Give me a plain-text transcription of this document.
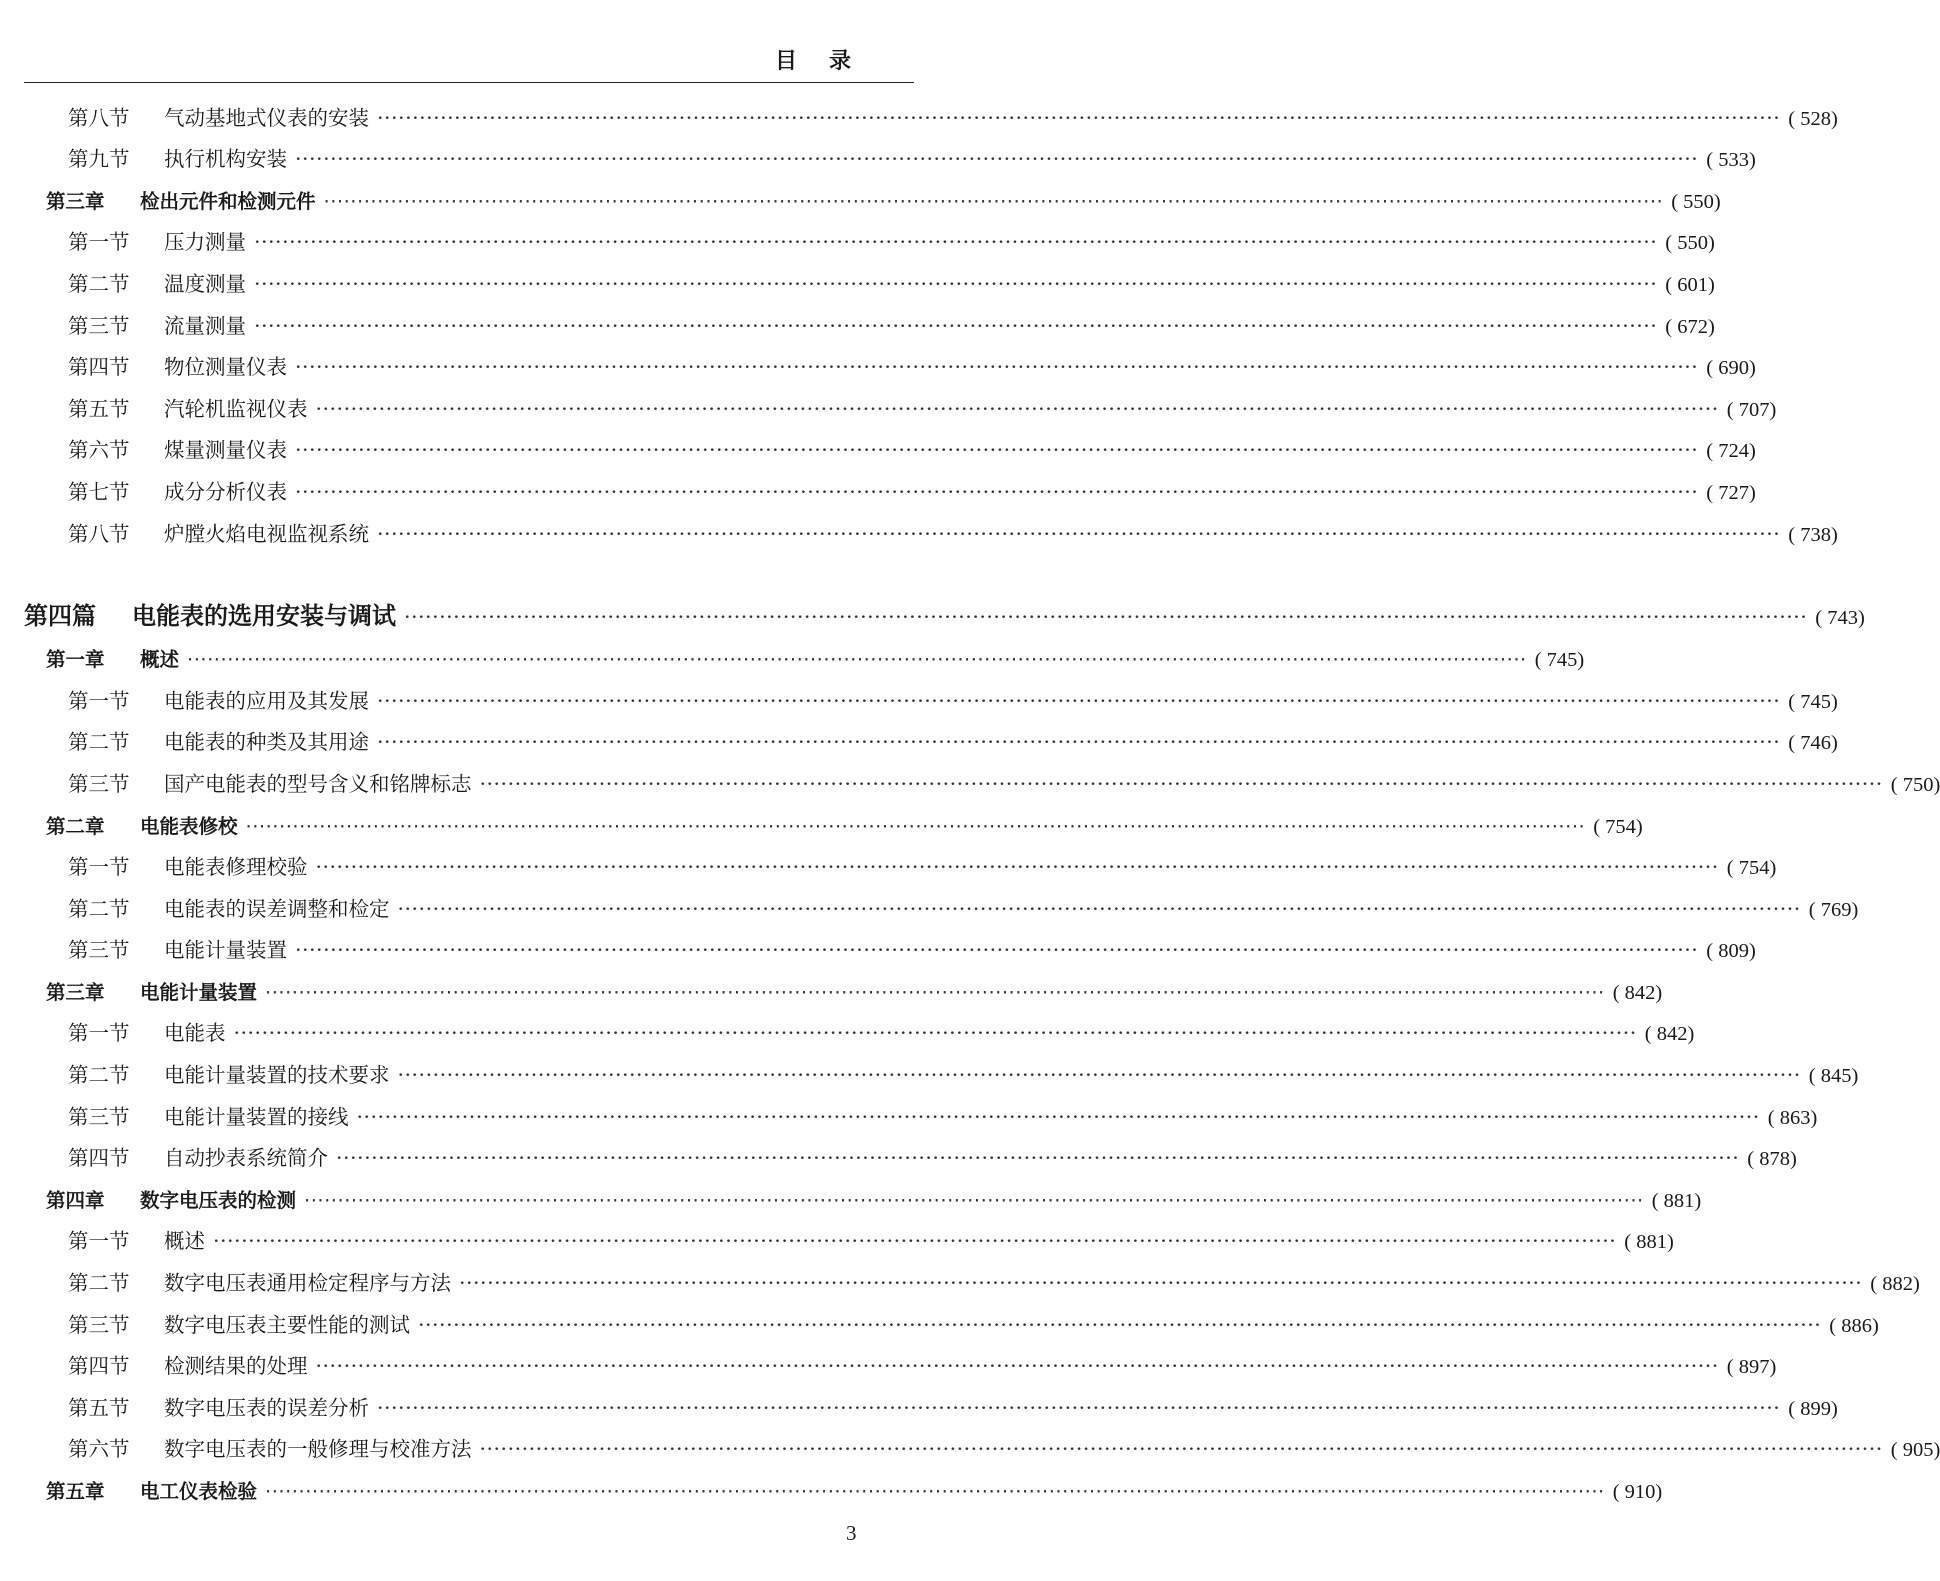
目录
第八节	气动基地式仪表的安装 ········································································································································································································ ( 528)
第九节	执行机构安装 ········································································································································································································ ( 533)
第三章	检出元件和检测元件 ········································································································································································································ ( 550)
第一节	压力测量 ········································································································································································································ ( 550)
第二节	温度测量 ········································································································································································································ ( 601)
第三节	流量测量 ········································································································································································································ ( 672)
第四节	物位测量仪表 ········································································································································································································ ( 690)
第五节	汽轮机监视仪表 ········································································································································································································ ( 707)
第六节	煤量测量仪表 ········································································································································································································ ( 724)
第七节	成分分析仪表 ········································································································································································································ ( 727)
第八节	炉膛火焰电视监视系统 ········································································································································································································ ( 738)
第四篇	电能表的选用安装与调试 ········································································································································································································ ( 743)
第一章	概述 ········································································································································································································ ( 745)
第一节	电能表的应用及其发展 ········································································································································································································ ( 745)
第二节	电能表的种类及其用途 ········································································································································································································ ( 746)
第三节	国产电能表的型号含义和铭牌标志 ········································································································································································································ ( 750)
第二章	电能表修校 ········································································································································································································ ( 754)
第一节	电能表修理校验 ········································································································································································································ ( 754)
第二节	电能表的误差调整和检定 ········································································································································································································ ( 769)
第三节	电能计量装置 ········································································································································································································ ( 809)
第三章	电能计量装置 ········································································································································································································ ( 842)
第一节	电能表 ········································································································································································································ ( 842)
第二节	电能计量装置的技术要求 ········································································································································································································ ( 845)
第三节	电能计量装置的接线 ········································································································································································································ ( 863)
第四节	自动抄表系统简介 ········································································································································································································ ( 878)
第四章	数字电压表的检测 ········································································································································································································ ( 881)
第一节	概述 ········································································································································································································ ( 881)
第二节	数字电压表通用检定程序与方法 ········································································································································································································ ( 882)
第三节	数字电压表主要性能的测试 ········································································································································································································ ( 886)
第四节	检测结果的处理 ········································································································································································································ ( 897)
第五节	数字电压表的误差分析 ········································································································································································································ ( 899)
第六节	数字电压表的一般修理与校准方法 ········································································································································································································ ( 905)
第五章	电工仪表检验 ········································································································································································································ ( 910)
3
